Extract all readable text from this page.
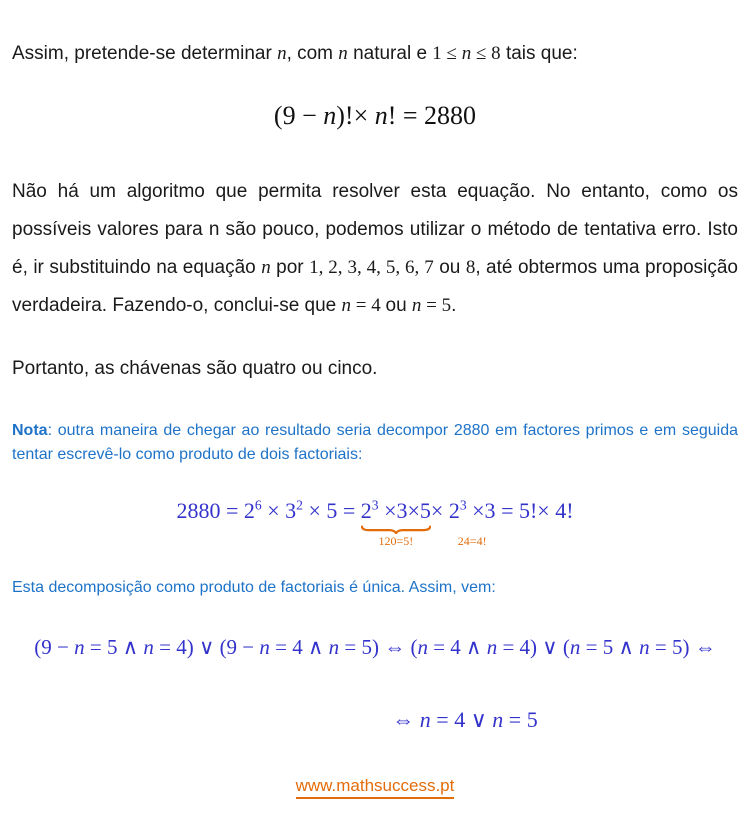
Assim, pretende-se determinar n, com n natural e 1 ≤ n ≤ 8 tais que:

(9 − n)!× n! = 2880

Não há um algoritmo que permita resolver esta equação. No entanto, como os possíveis valores para n são pouco, podemos utilizar o método de tentativa erro. Isto é, ir substituindo na equação n por 1, 2, 3, 4, 5, 6, 7 ou 8, até obtermos uma proposição verdadeira. Fazendo-o, conclui-se que n = 4 ou n = 5.

Portanto, as chávenas são quatro ou cinco.

Nota: outra maneira de chegar ao resultado seria decompor 2880 em factores primos e em seguida tentar escrevê-lo como produto de dois factoriais:

$2880 = 2^6 \times 3^2 \times 5 = 2^3 \times 3\times 5$
120=5!
× $2^3 \times 3$
24=4!
= 5!× 4!

Esta decomposição como produto de factoriais é única. Assim, vem:

(9 − n = 5 ∧ n = 4) ∨ (9 − n = 4 ∧ n = 5) ⇔ (n = 4 ∧ n = 4) ∨ (n = 5 ∧ n = 5) ⇔
⇔ n = 4 ∨ n = 5
www.mathsuccess.pt
